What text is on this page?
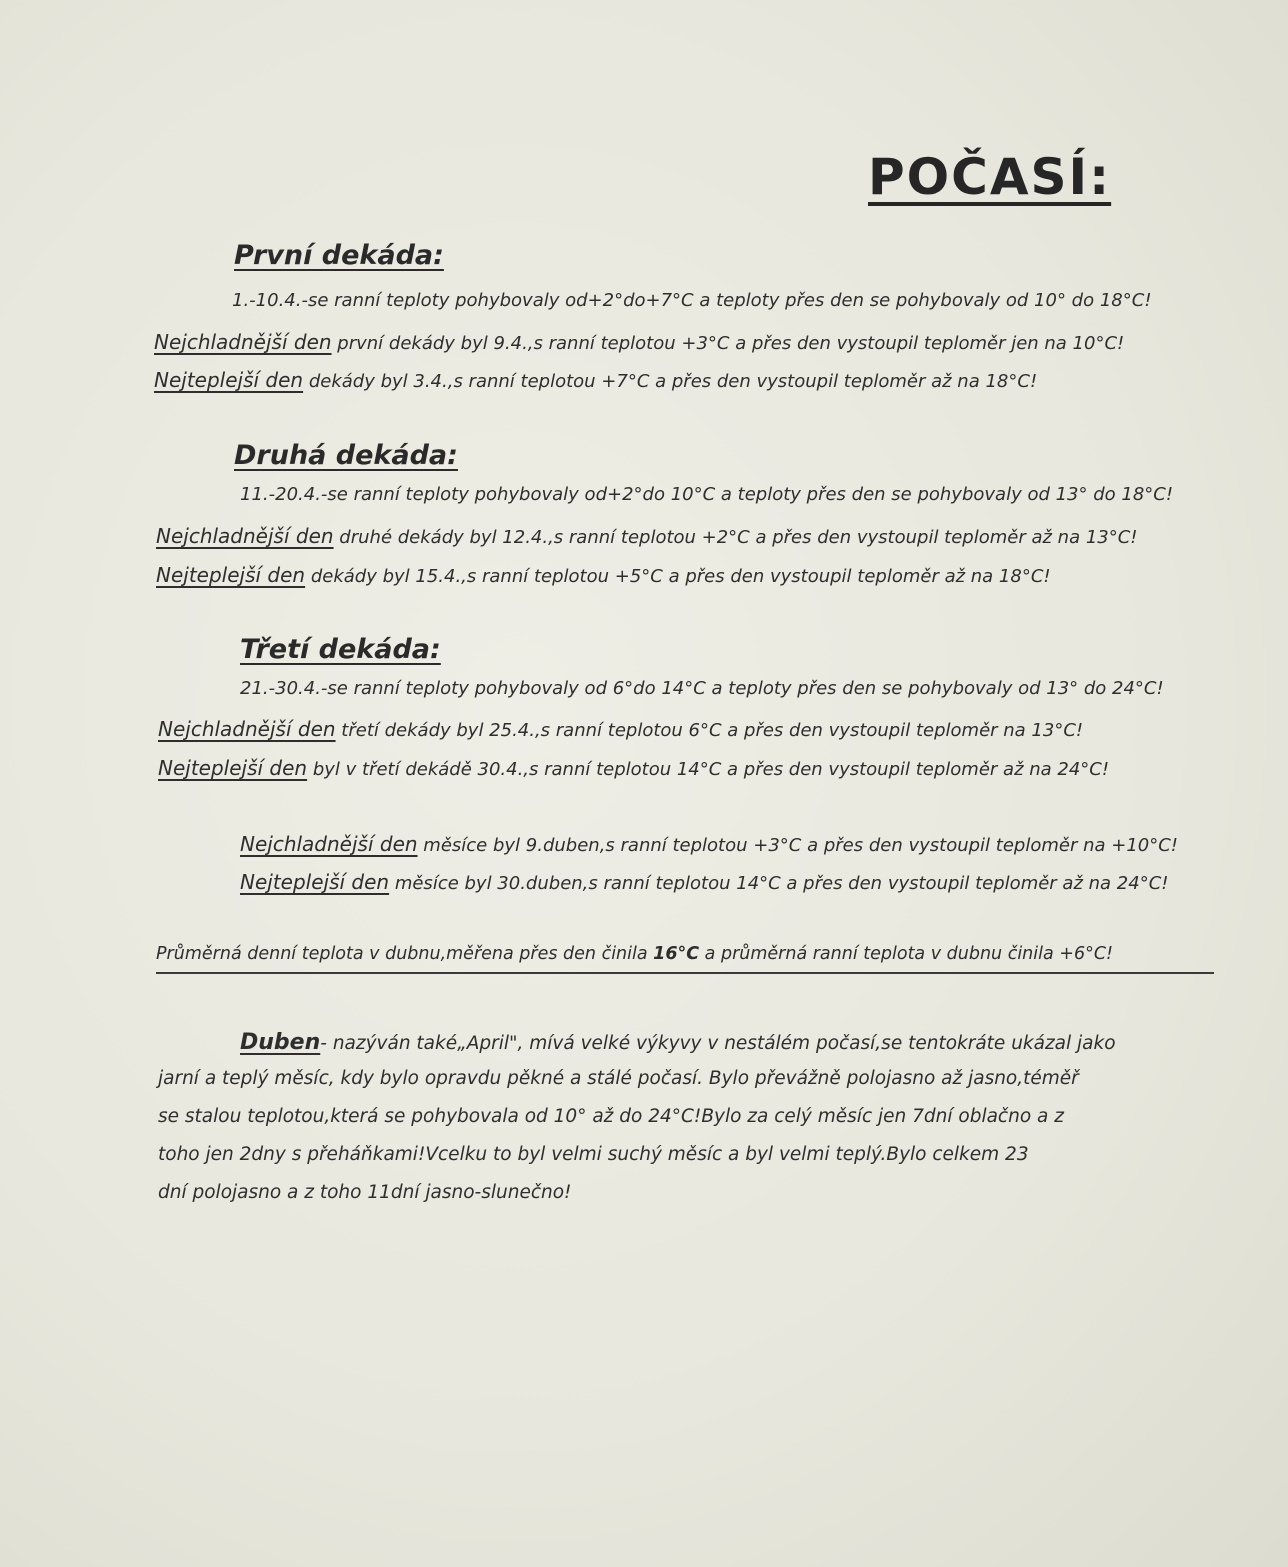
POČASÍ:
První dekáda:
1.-10.4.-se ranní teploty pohybovaly od+2°do+7°C a teploty přes den se pohybovaly od 10° do 18°C!
Nejchladnější den první dekády byl 9.4.,s ranní teplotou +3°C a přes den vystoupil teploměr jen na 10°C!
Nejteplejší den dekády byl 3.4.,s ranní teplotou +7°C a přes den vystoupil teploměr až na 18°C!
Druhá dekáda:
11.-20.4.-se ranní teploty pohybovaly od+2°do 10°C a teploty přes den se pohybovaly od 13° do 18°C!
Nejchladnější den druhé dekády byl 12.4.,s ranní teplotou +2°C a přes den vystoupil teploměr až na 13°C!
Nejteplejší den dekády byl 15.4.,s ranní teplotou +5°C a přes den vystoupil teploměr až na 18°C!
Třetí dekáda:
21.-30.4.-se ranní teploty pohybovaly od 6°do 14°C a teploty přes den se pohybovaly od 13° do 24°C!
Nejchladnější den třetí dekády byl 25.4.,s ranní teplotou 6°C a přes den vystoupil teploměr na 13°C!
Nejteplejší den byl v třetí dekádě 30.4.,s ranní teplotou 14°C a přes den vystoupil teploměr až na 24°C!
Nejchladnější den měsíce byl 9.duben,s ranní teplotou +3°C a přes den vystoupil teploměr na +10°C!
Nejteplejší den měsíce byl 30.duben,s ranní teplotou 14°C a přes den vystoupil teploměr až na 24°C!
Průměrná denní teplota v dubnu,měřena přes den činila 16°C a průměrná ranní teplota v dubnu činila +6°C!
Duben- nazýván také„April", mívá velké výkyvy v nestálém počasí,se tentokráte ukázal jako
jarní a teplý měsíc, kdy bylo opravdu pěkné a stálé počasí. Bylo převážně polojasno až jasno,téměř
se stalou teplotou,která se pohybovala od 10° až do 24°C!Bylo za celý měsíc jen 7dní oblačno a z
toho jen 2dny s přeháňkami!Vcelku to byl velmi suchý měsíc a byl velmi teplý.Bylo celkem 23
dní polojasno a z toho 11dní jasno-slunečno!
